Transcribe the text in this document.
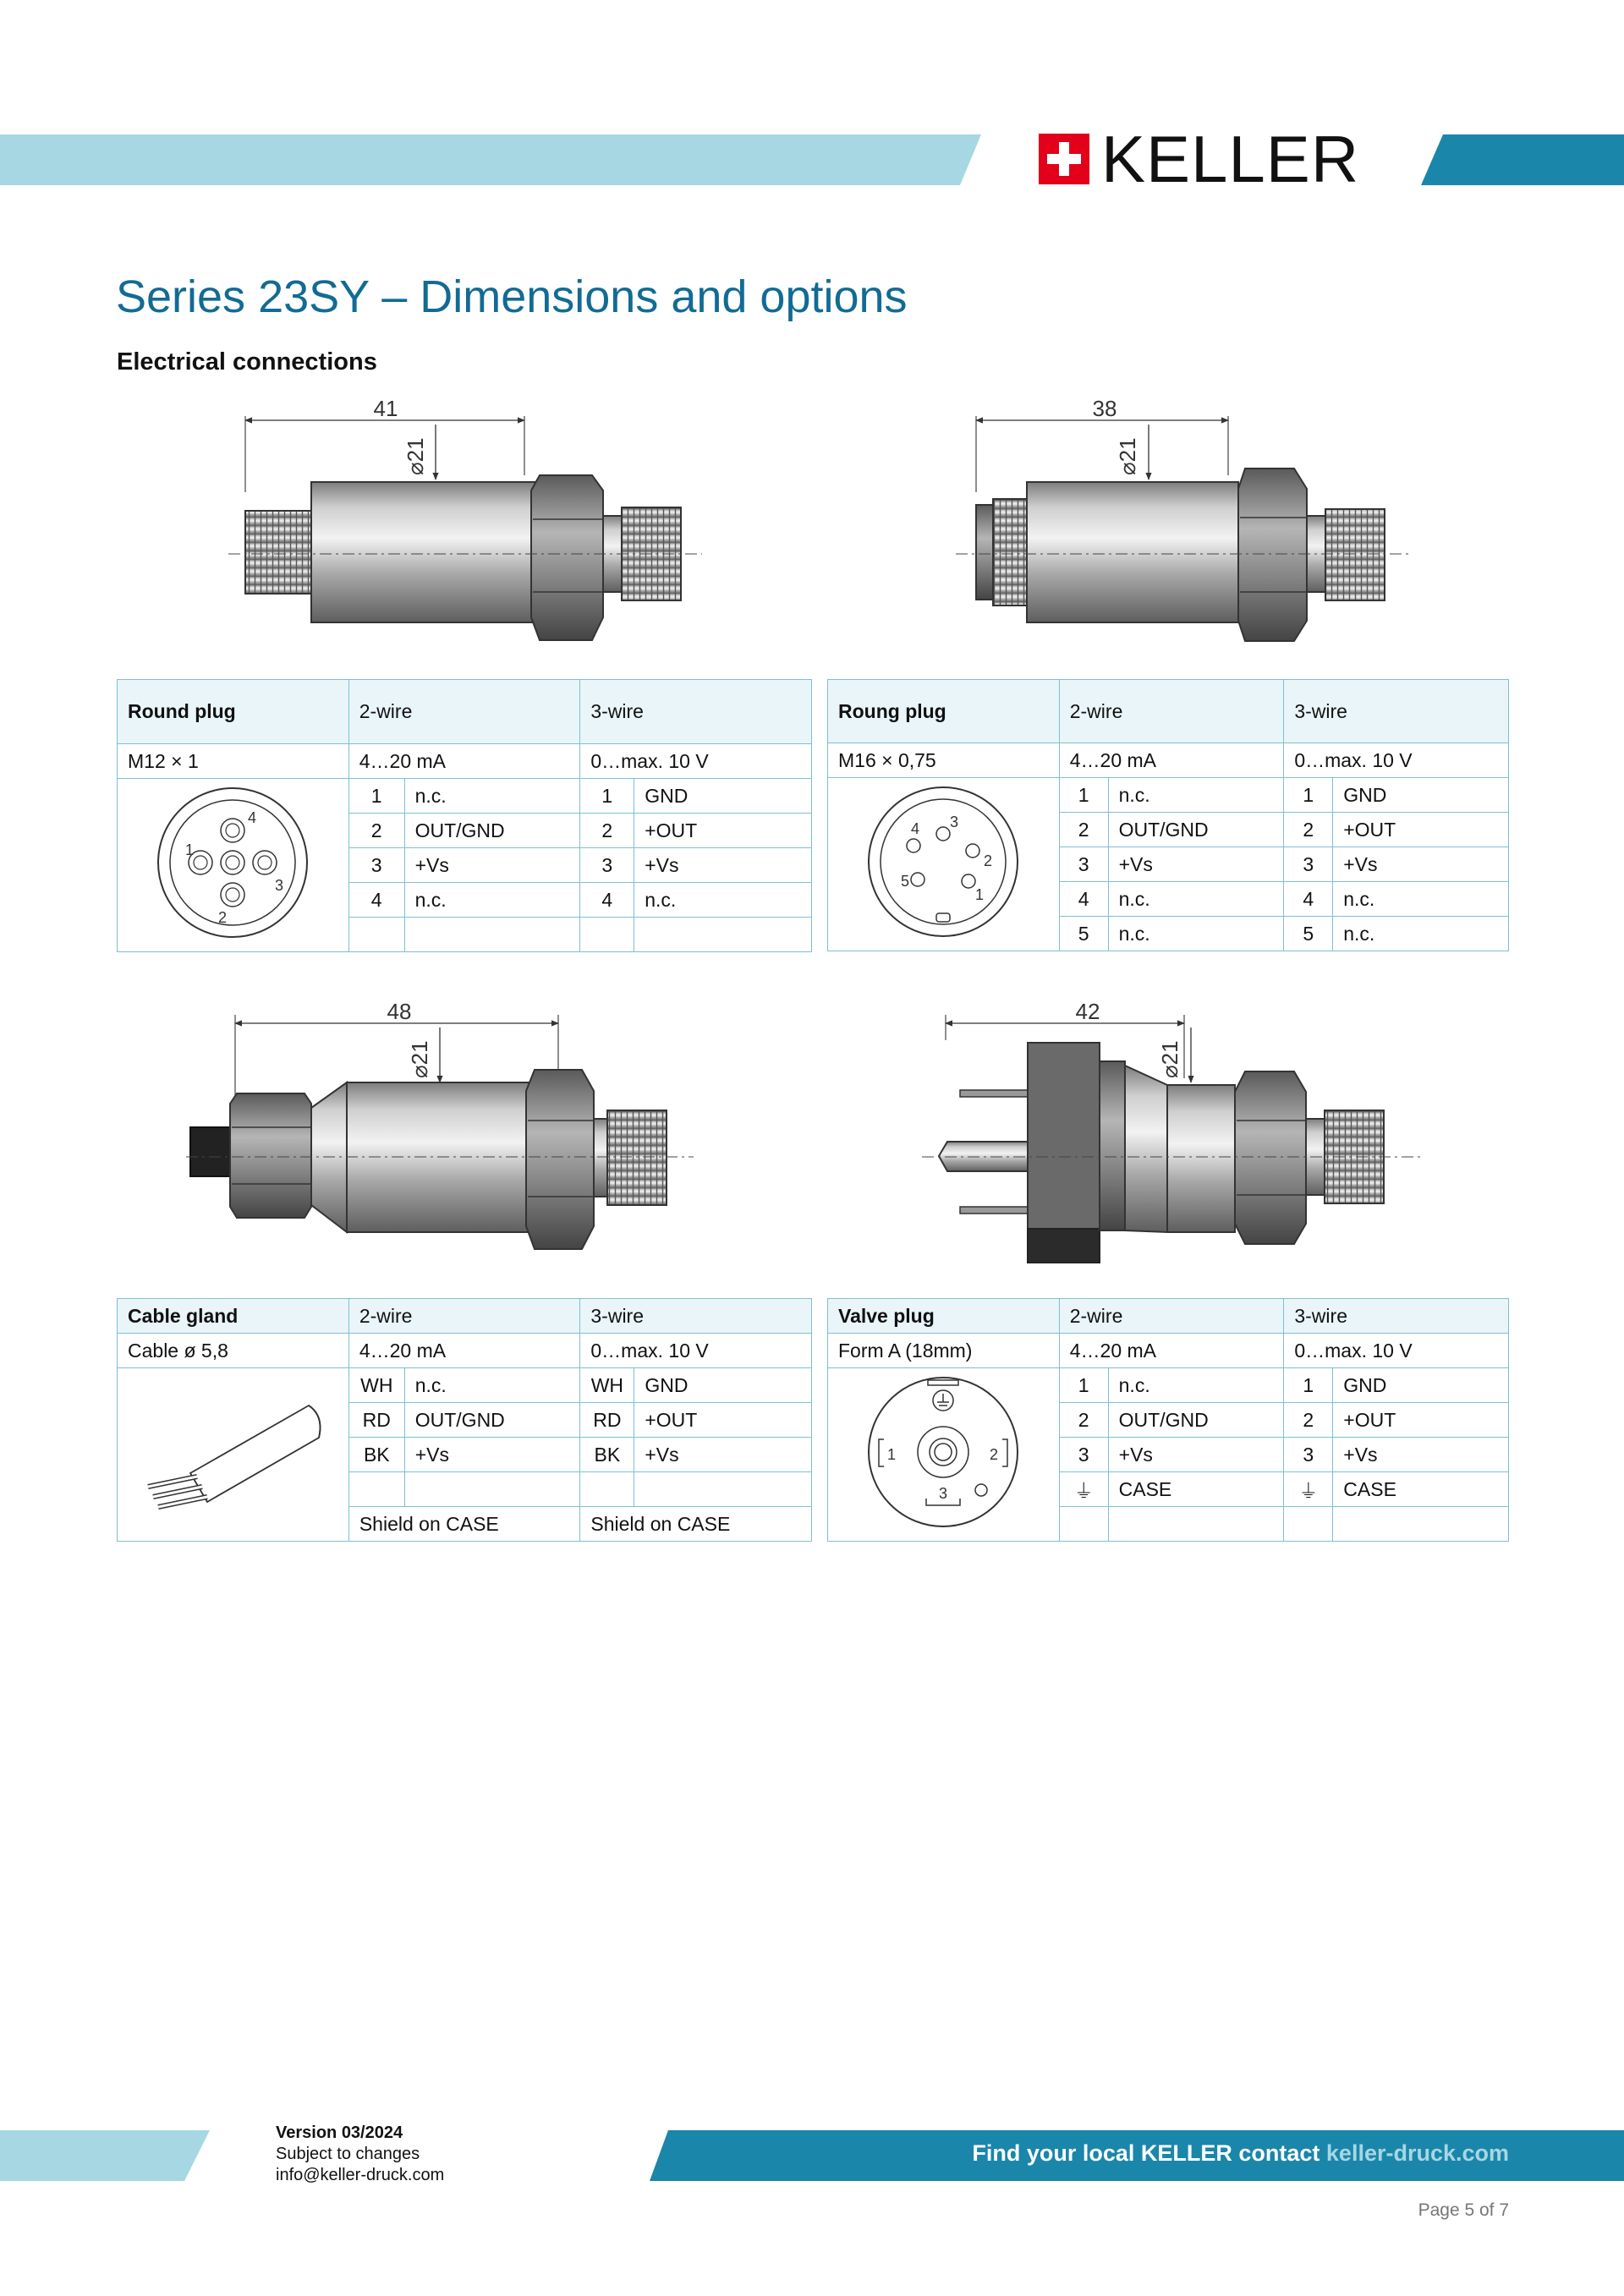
KELLER
Series 23SY – Dimensions and options
Electrical connections
41
⌀21
38
⌀21
Round plug	2-wire		3-wire	
M12 × 1	4…20 mA		0…max. 10 V	

1
2
3
4	1	n.c.	1	GND
	2	OUT/GND	2	+OUT
	3	+Vs	3	+Vs
	4	n.c.	4	n.c.

Roung plug	2-wire		3-wire	
M16 × 0,75	4…20 mA		0…max. 10 V	

1
2
3
4
5	1	n.c.	1	GND
	2	OUT/GND	2	+OUT
	3	+Vs	3	+Vs
	4	n.c.	4	n.c.
	5	n.c.	5	n.c.
48
⌀21
42
⌀21
Cable gland	2-wire		3-wire	
Cable ø 5,8	4…20 mA		0…max. 10 V	
	WH	n.c.	WH	GND
	RD	OUT/GND	RD	+OUT
	BK	+Vs	BK	+Vs

	Shield on CASE		Shield on CASE	
Valve plug	2-wire		3-wire	
Form A (18mm)	4…20 mA		0…max. 10 V	

1 2
3	1	n.c.	1	GND
	2	OUT/GND	2	+OUT
	3	+Vs	3	+Vs
	⏚	CASE	⏚	CASE

Version 03/2024
Subject to changes
info@keller-druck.com
Find your local KELLER contact keller-druck.com
Page 5 of 7
